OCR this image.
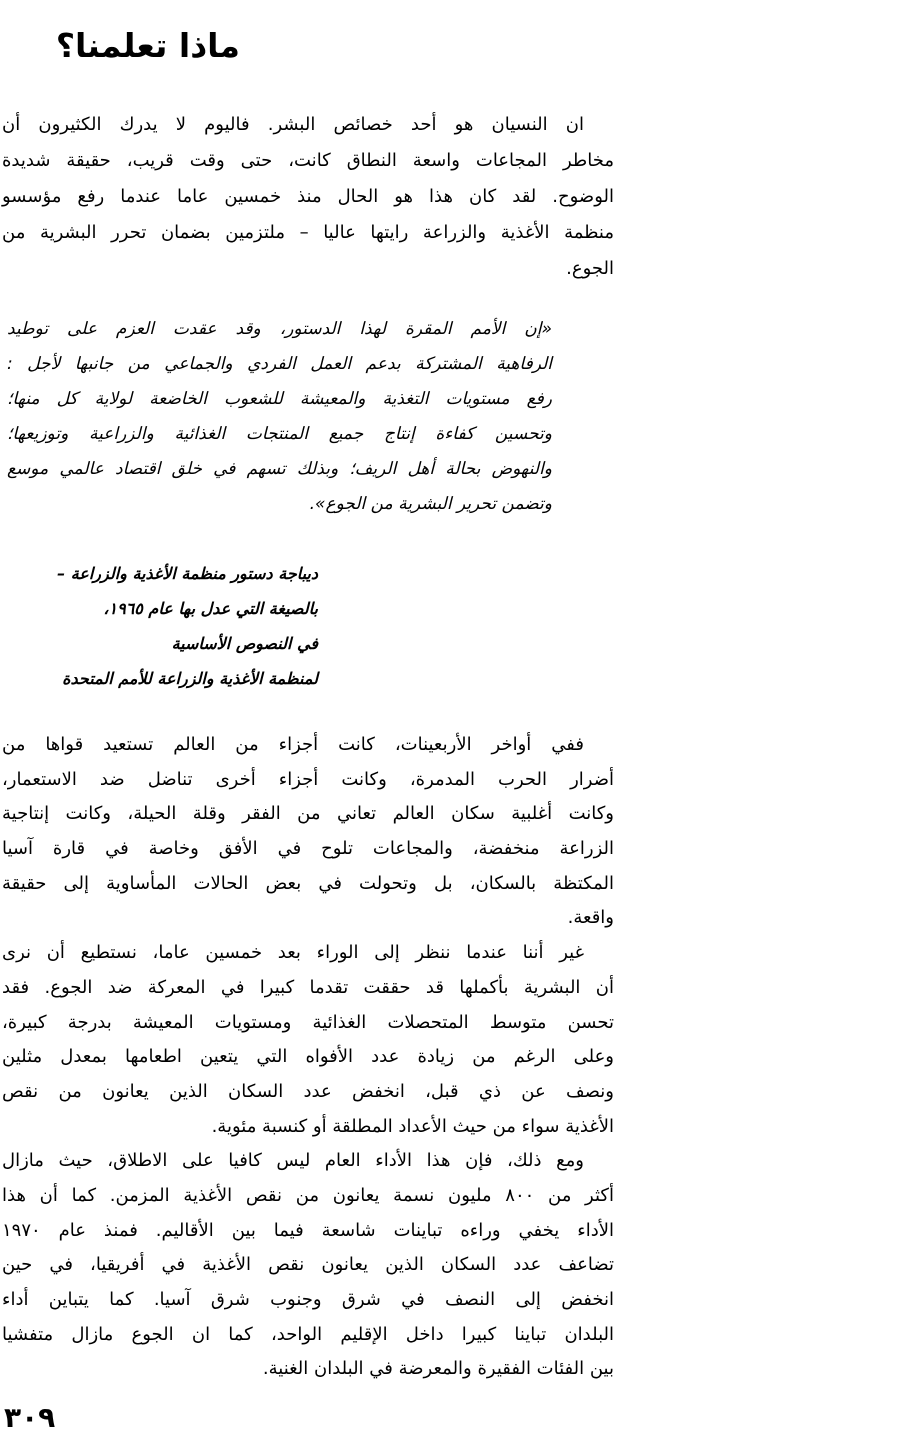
ماذا تعلمنا؟
ان النسيان هو أحد خصائص البشر. فاليوم لا يدرك الكثيرون أن
مخاطر المجاعات واسعة النطاق كانت، حتى وقت قريب، حقيقة شديدة
الوضوح. لقد كان هذا هو الحال منذ خمسين عاما عندما رفع مؤسسو
منظمة الأغذية والزراعة رايتها عاليا – ملتزمين بضمان تحرر البشرية من
الجوع.
«إن الأمم المقرة لهذا الدستور، وقد عقدت العزم على توطيد
الرفاهية المشتركة بدعم العمل الفردي والجماعي من جانبها لأجل :
رفع مستويات التغذية والمعيشة للشعوب الخاضعة لولاية كل منها؛
وتحسين كفاءة إنتاج جميع المنتجات الغذائية والزراعية وتوزيعها؛
والنهوض بحالة أهل الريف؛ وبذلك تسهم في خلق اقتصاد عالمي موسع
وتضمن تحرير البشرية من الجوع».
ديباجة دستور منظمة الأغذية والزراعة –
بالصيغة التي عدل بها عام ١٩٦٥،
في النصوص الأساسية
لمنظمة الأغذية والزراعة للأمم المتحدة
ففي أواخر الأربعينات، كانت أجزاء من العالم تستعيد قواها من
أضرار الحرب المدمرة، وكانت أجزاء أخرى تناضل ضد الاستعمار،
وكانت أغلبية سكان العالم تعاني من الفقر وقلة الحيلة، وكانت إنتاجية
الزراعة منخفضة، والمجاعات تلوح في الأفق وخاصة في قارة آسيا
المكتظة بالسكان، بل وتحولت في بعض الحالات المأساوية إلى حقيقة
واقعة.
غير أننا عندما ننظر إلى الوراء بعد خمسين عاما، نستطيع أن نرى
أن البشرية بأكملها قد حققت تقدما كبيرا في المعركة ضد الجوع. فقد
تحسن متوسط المتحصلات الغذائية ومستويات المعيشة بدرجة كبيرة،
وعلى الرغم من زيادة عدد الأفواه التي يتعين اطعامها بمعدل مثلين
ونصف عن ذي قبل، انخفض عدد السكان الذين يعانون من نقص
الأغذية سواء من حيث الأعداد المطلقة أو كنسبة مئوية.
ومع ذلك، فإن هذا الأداء العام ليس كافيا على الاطلاق، حيث مازال
أكثر من ٨٠٠ مليون نسمة يعانون من نقص الأغذية المزمن. كما أن هذا
الأداء يخفي وراءه تباينات شاسعة فيما بين الأقاليم. فمنذ عام ١٩٧٠
تضاعف عدد السكان الذين يعانون نقص الأغذية في أفريقيا، في حين
انخفض إلى النصف في شرق وجنوب شرق آسيا. كما يتباين أداء
البلدان تباينا كبيرا داخل الإقليم الواحد، كما ان الجوع مازال متفشيا
بين الفئات الفقيرة والمعرضة في البلدان الغنية.
٣٠٩
